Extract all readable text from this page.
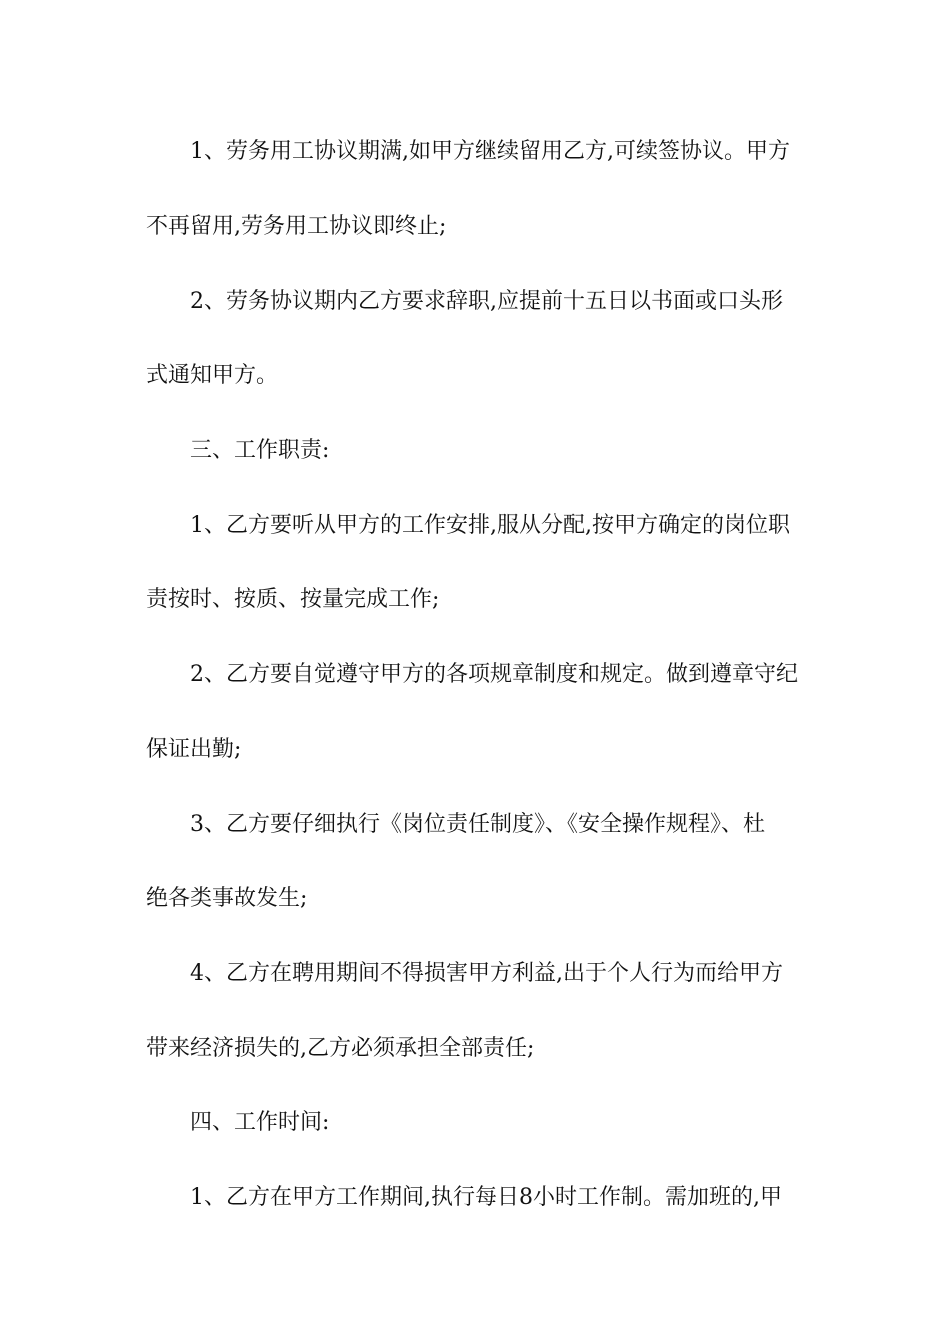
1、劳务用工协议期满,如甲方继续留用乙方,可续签协议。甲方
不再留用,劳务用工协议即终止;
2、劳务协议期内乙方要求辞职,应提前十五日以书面或口头形
式通知甲方。
三、工作职责:
1、乙方要听从甲方的工作安排,服从分配,按甲方确定的岗位职
责按时、按质、按量完成工作;
2、乙方要自觉遵守甲方的各项规章制度和规定。做到遵章守纪
保证出勤;
3、乙方要仔细执行《岗位责任制度》、《安全操作规程》、杜
绝各类事故发生;
4、乙方在聘用期间不得损害甲方利益,出于个人行为而给甲方
带来经济损失的,乙方必须承担全部责任;
四、工作时间:
1、乙方在甲方工作期间,执行每日8小时工作制。需加班的,甲
